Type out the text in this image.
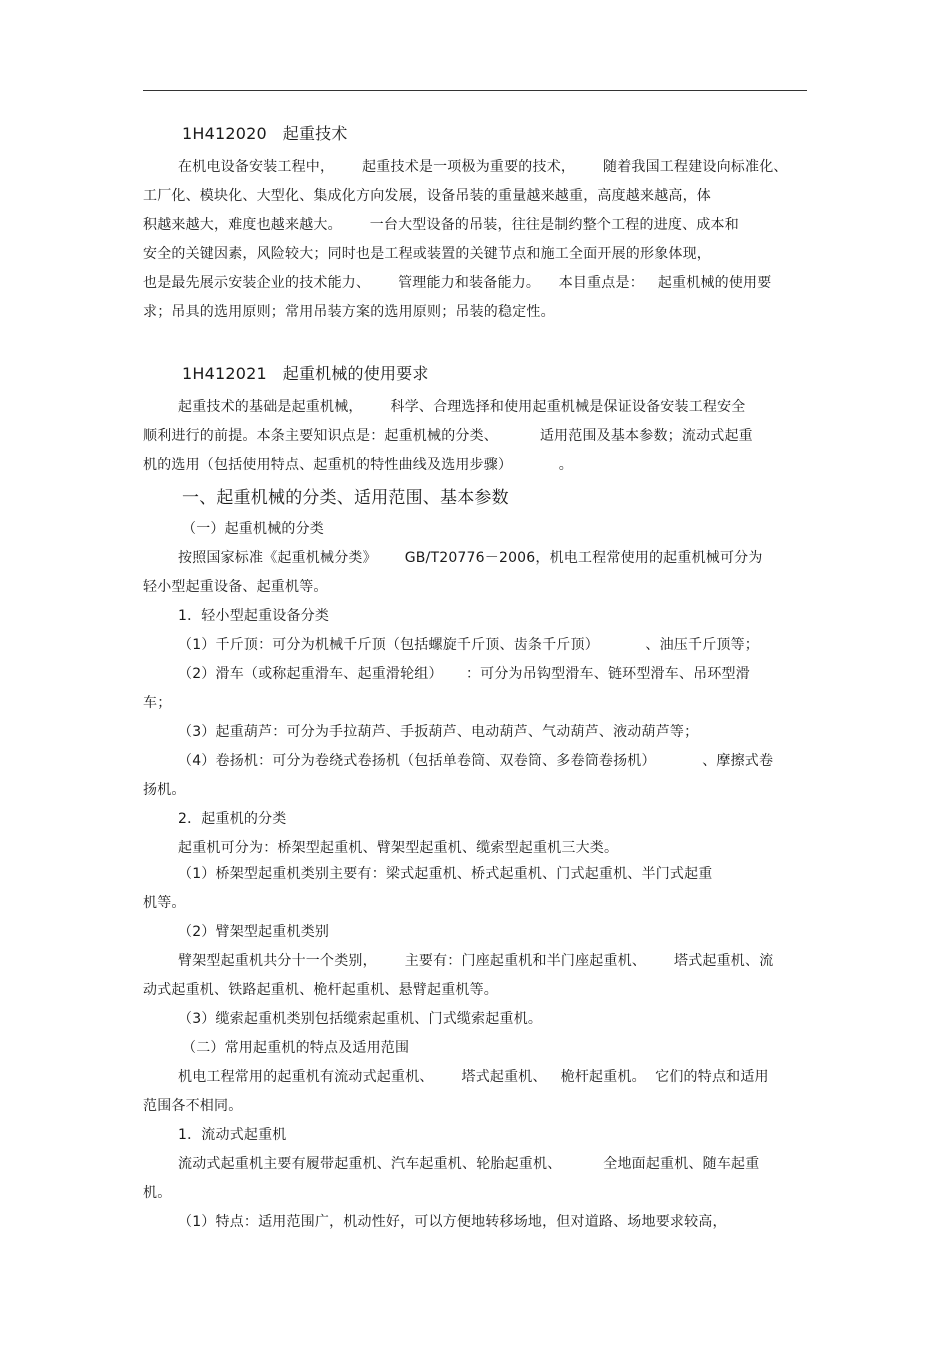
1H412020   起重技术
在机电设备安装工程中，      起重技术是一项极为重要的技术，      随着我国工程建设向标准化、
工厂化、模块化、大型化、集成化方向发展，设备吊装的重量越来越重，高度越来越高，体
积越来越大，难度也越来越大。      一台大型设备的吊装，往往是制约整个工程的进度、成本和
安全的关键因素，风险较大；同时也是工程或装置的关键节点和施工全面开展的形象体现，
也是最先展示安装企业的技术能力、      管理能力和装备能力。    本目重点是：   起重机械的使用要
求；吊具的选用原则；常用吊装方案的选用原则；吊装的稳定性。
1H412021   起重机械的使用要求
起重技术的基础是起重机械，      科学、合理选择和使用起重机械是保证设备安装工程安全
顺利进行的前提。本条主要知识点是：起重机械的分类、         适用范围及基本参数；流动式起重
机的选用（包括使用特点、起重机的特性曲线及选用步骤）          。
一、起重机械的分类、适用范围、基本参数
（一）起重机械的分类
按照国家标准《起重机械分类》      GB/T20776－2006，机电工程常使用的起重机械可分为
轻小型起重设备、起重机等。
1．轻小型起重设备分类
（1）千斤顶：可分为机械千斤顶（包括螺旋千斤顶、齿条千斤顶）          、油压千斤顶等；
（2）滑车（或称起重滑车、起重滑轮组）     ：可分为吊钩型滑车、链环型滑车、吊环型滑
车；
（3）起重葫芦：可分为手拉葫芦、手扳葫芦、电动葫芦、气动葫芦、液动葫芦等；
（4）卷扬机：可分为卷绕式卷扬机（包括单卷筒、双卷筒、多卷筒卷扬机）          、摩擦式卷
扬机。
2．起重机的分类
起重机可分为：桥架型起重机、臂架型起重机、缆索型起重机三大类。
（1）桥架型起重机类别主要有：梁式起重机、桥式起重机、门式起重机、半门式起重
机等。
（2）臂架型起重机类别
臂架型起重机共分十一个类别，      主要有：门座起重机和半门座起重机、      塔式起重机、流
动式起重机、铁路起重机、桅杆起重机、悬臂起重机等。
（3）缆索起重机类别包括缆索起重机、门式缆索起重机。
（二）常用起重机的特点及适用范围
机电工程常用的起重机有流动式起重机、      塔式起重机、   桅杆起重机。  它们的特点和适用
范围各不相同。
1．流动式起重机
流动式起重机主要有履带起重机、汽车起重机、轮胎起重机、         全地面起重机、随车起重
机。
（1）特点：适用范围广，机动性好，可以方便地转移场地，但对道路、场地要求较高，
